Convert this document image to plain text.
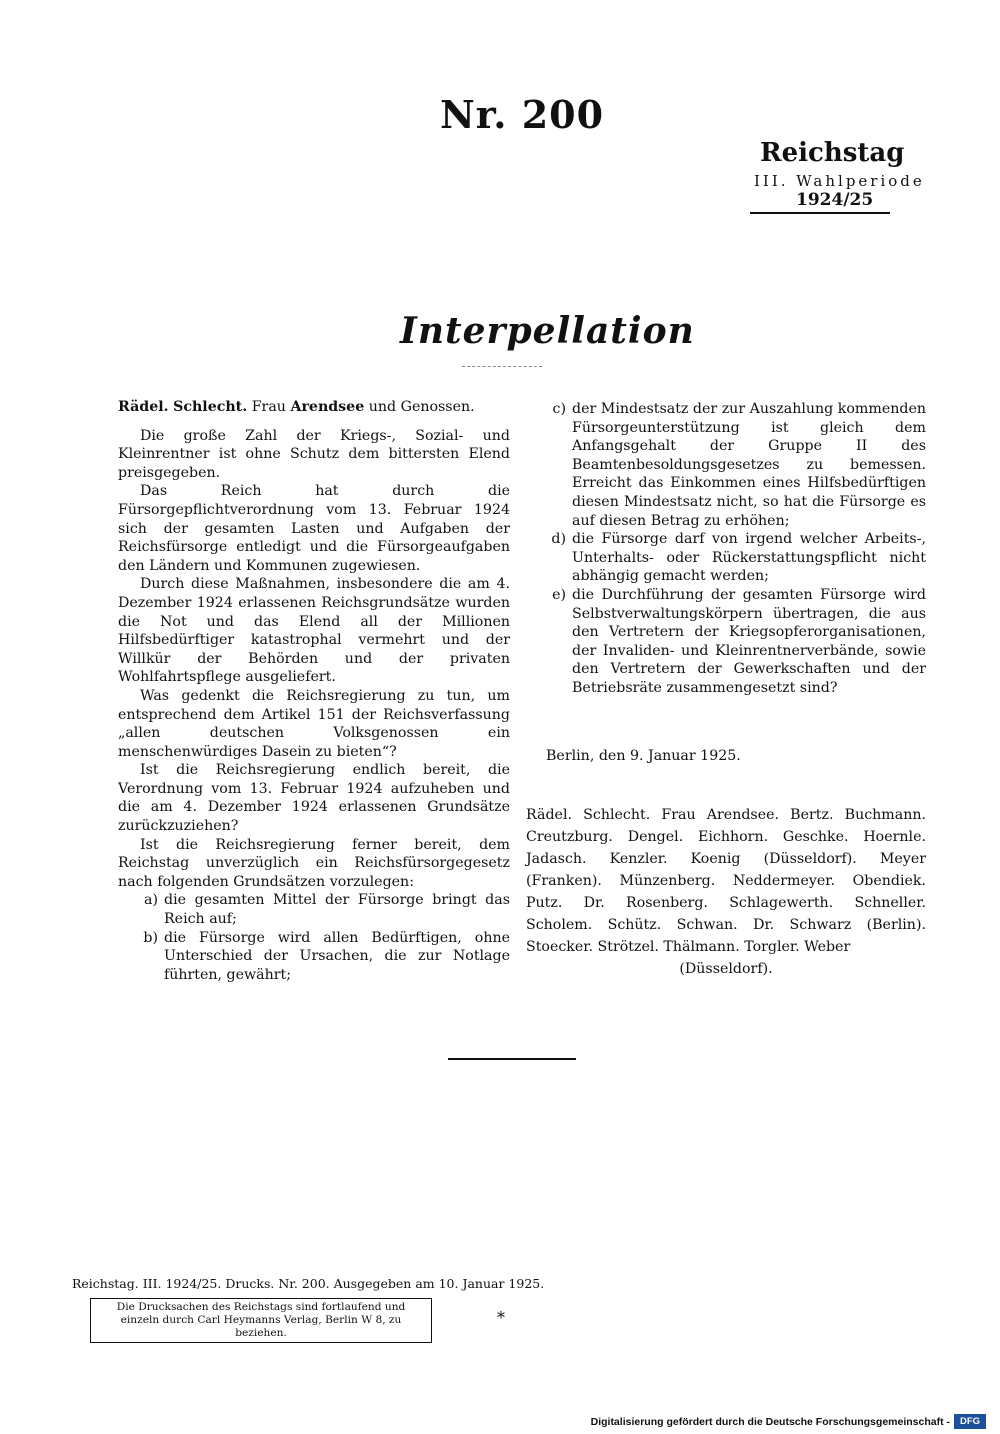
Nr. 200
Reichstag
III. Wahlperiode
1924/25
Interpellation

Rädel. Schlecht. Frau Arendsee und Genossen.

Die große Zahl der Kriegs-, Sozial- und Kleinrentner ist ohne Schutz dem bittersten Elend preisgegeben.

Das Reich hat durch die Fürsorgepflichtverordnung vom 13. Februar 1924 sich der gesamten Lasten und Aufgaben der Reichsfürsorge entledigt und die Fürsorgeaufgaben den Ländern und Kommunen zugewiesen.

Durch diese Maßnahmen, insbesondere die am 4. Dezember 1924 erlassenen Reichsgrundsätze wurden die Not und das Elend all der Millionen Hilfsbedürftiger katastrophal vermehrt und der Willkür der Behörden und der privaten Wohlfahrtspflege ausgeliefert.

Was gedenkt die Reichsregierung zu tun, um entsprechend dem Artikel 151 der Reichsverfassung „allen deutschen Volksgenossen ein menschenwürdiges Dasein zu bieten“?

Ist die Reichsregierung endlich bereit, die Verordnung vom 13. Februar 1924 aufzuheben und die am 4. Dezember 1924 erlassenen Grundsätze zurückzuziehen?

Ist die Reichsregierung ferner bereit, dem Reichstag unverzüglich ein Reichsfürsorgegesetz nach folgenden Grundsätzen vorzulegen:

a) die gesamten Mittel der Fürsorge bringt das Reich auf;
b) die Fürsorge wird allen Bedürftigen, ohne Unterschied der Ursachen, die zur Notlage führten, gewährt;
c) der Mindestsatz der zur Auszahlung kommenden Fürsorgeunterstützung ist gleich dem Anfangsgehalt der Gruppe II des Beamtenbesoldungsgesetzes zu bemessen. Erreicht das Einkommen eines Hilfsbedürftigen diesen Mindestsatz nicht, so hat die Fürsorge es auf diesen Betrag zu erhöhen;
d) die Fürsorge darf von irgend welcher Arbeits-, Unterhalts- oder Rückerstattungspflicht nicht abhängig gemacht werden;
e) die Durchführung der gesamten Fürsorge wird Selbstverwaltungskörpern übertragen, die aus den Vertretern der Kriegsopferorganisationen, der Invaliden- und Kleinrentnerverbände, sowie den Vertretern der Gewerkschaften und der Betriebsräte zusammengesetzt sind?
Berlin, den 9. Januar 1925.

Rädel. Schlecht. Frau Arendsee. Bertz. Buchmann. Creutzburg. Dengel. Eichhorn. Geschke. Hoernle. Jadasch. Kenzler. Koenig (Düsseldorf). Meyer (Franken). Münzenberg. Neddermeyer. Obendiek. Putz. Dr. Rosenberg. Schlagewerth. Schneller. Scholem. Schütz. Schwan. Dr. Schwarz (Berlin). Stoecker. Strötzel. Thälmann. Torgler. Weber

(Düsseldorf).

Reichstag. III. 1924/25. Drucks. Nr. 200. Ausgegeben am 10. Januar 1925.
Die Drucksachen des Reichstags sind fortlaufend und einzeln durch Carl Heymanns Verlag, Berlin W 8, zu beziehen.
*
Digitalisierung gefördert durch die Deutsche Forschungsgemeinschaft -	DFG
